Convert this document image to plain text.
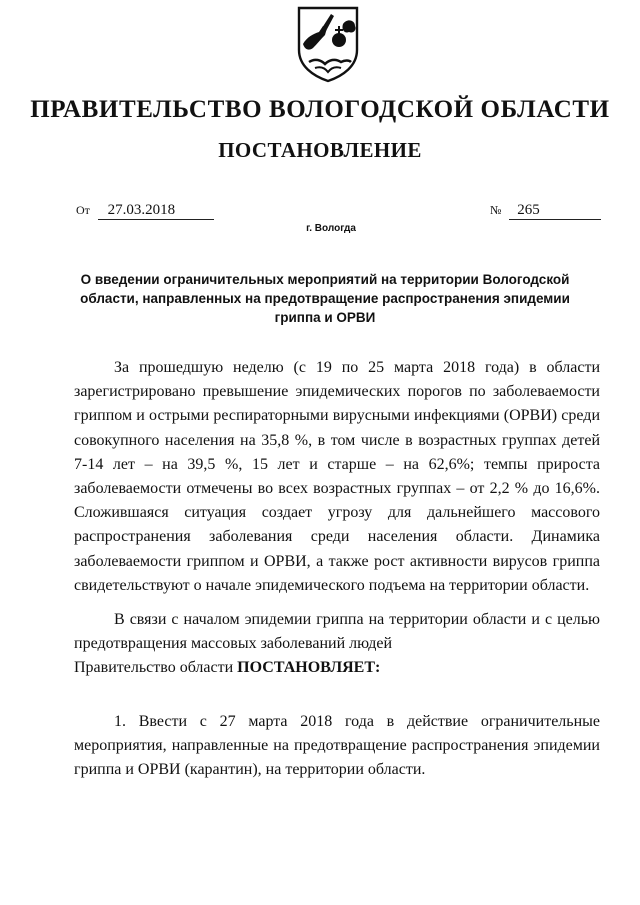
ПРАВИТЕЛЬСТВО ВОЛОГОДСКОЙ ОБЛАСТИ
ПОСТАНОВЛЕНИЕ
От 27.03.2018	№ 265
г. Вологда
О введении ограничительных мероприятий на территории Вологодской области, направленных на предотвращение распространения эпидемии гриппа и ОРВИ

За прошедшую неделю (с 19 по 25 марта 2018 года) в области зарегистрировано превышение эпидемических порогов по заболеваемости гриппом и острыми респираторными вирусными инфекциями (ОРВИ) среди совокупного населения на 35,8 %, в том числе в возрастных группах детей 7-14 лет – на 39,5 %, 15 лет и старше – на 62,6%; темпы прироста заболеваемости отмечены во всех возрастных группах – от 2,2 % до 16,6%. Сложившаяся ситуация создает угрозу для дальнейшего массового распространения заболевания среди населения области. Динамика заболеваемости гриппом и ОРВИ, а также рост активности вирусов гриппа свидетельствуют о начале эпидемического подъема на территории области.

В связи с началом эпидемии гриппа на территории области и с целью предотвращения массовых заболеваний людей

Правительство области ПОСТАНОВЛЯЕТ:

1. Ввести с 27 марта 2018 года в действие ограничительные мероприятия, направленные на предотвращение распространения эпидемии гриппа и ОРВИ (карантин), на территории области.
